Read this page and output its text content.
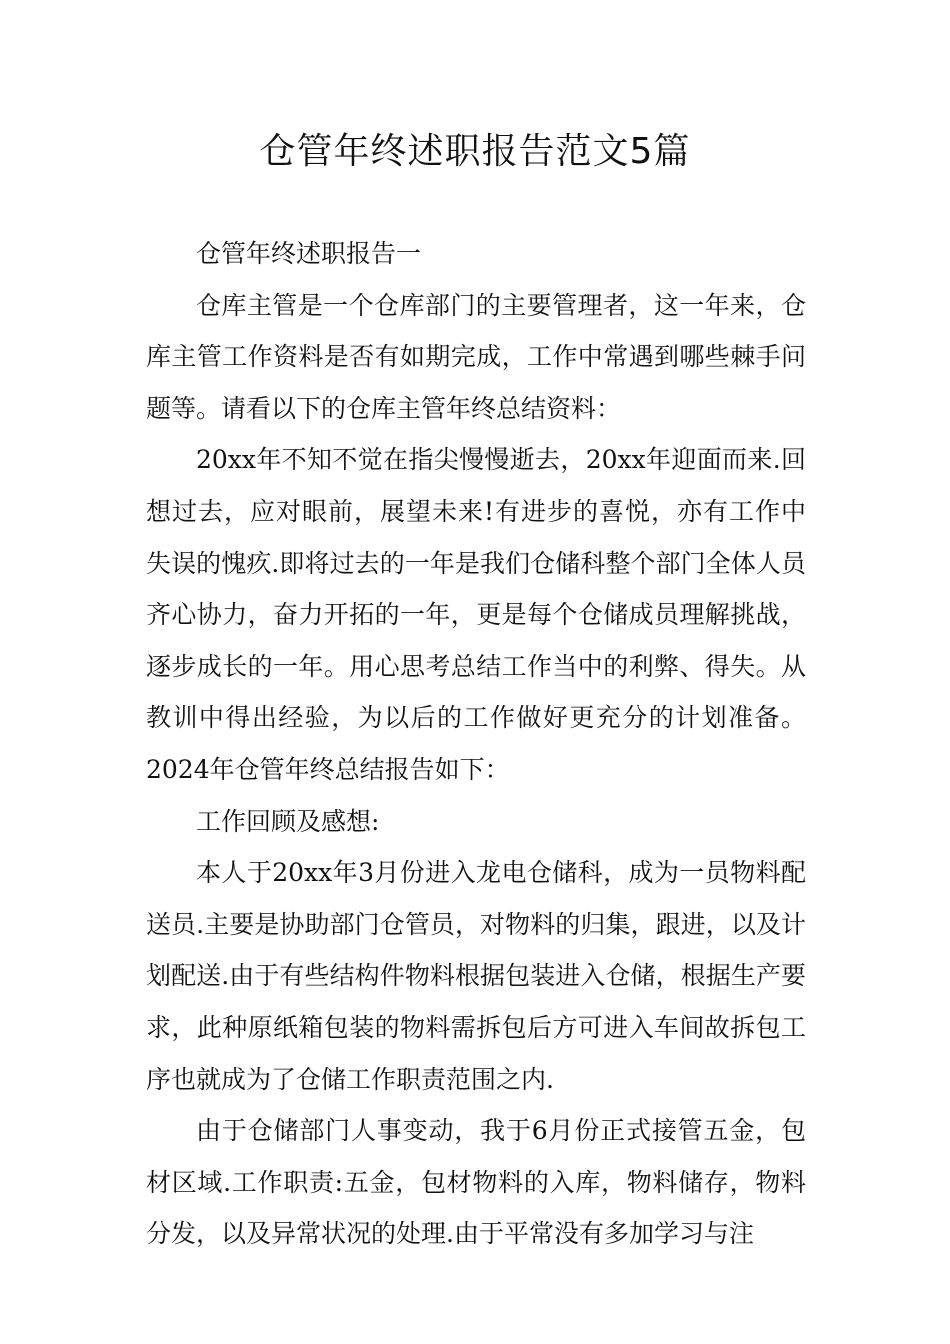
仓管年终述职报告范文5篇

仓管年终述职报告一

仓库主管是一个仓库部门的主要管理者，这一年来，仓库主管工作资料是否有如期完成，工作中常遇到哪些棘手问题等。请看以下的仓库主管年终总结资料：

20xx年不知不觉在指尖慢慢逝去，20xx年迎面而来.回想过去，应对眼前，展望未来!有进步的喜悦，亦有工作中失误的愧疚.即将过去的一年是我们仓储科整个部门全体人员齐心协力，奋力开拓的一年，更是每个仓储成员理解挑战，逐步成长的一年。用心思考总结工作当中的利弊、得失。从教训中得出经验，为以后的工作做好更充分的计划准备。2024年仓管年终总结报告如下：

工作回顾及感想:

本人于20xx年3月份进入龙电仓储科，成为一员物料配送员.主要是协助部门仓管员，对物料的归集，跟进，以及计划配送.由于有些结构件物料根据包装进入仓储，根据生产要求，此种原纸箱包装的物料需拆包后方可进入车间故拆包工序也就成为了仓储工作职责范围之内.

由于仓储部门人事变动，我于6月份正式接管五金，包材区域.工作职责:五金，包材物料的入库，物料储存，物料分发，以及异常状况的处理.由于平常没有多加学习与注
